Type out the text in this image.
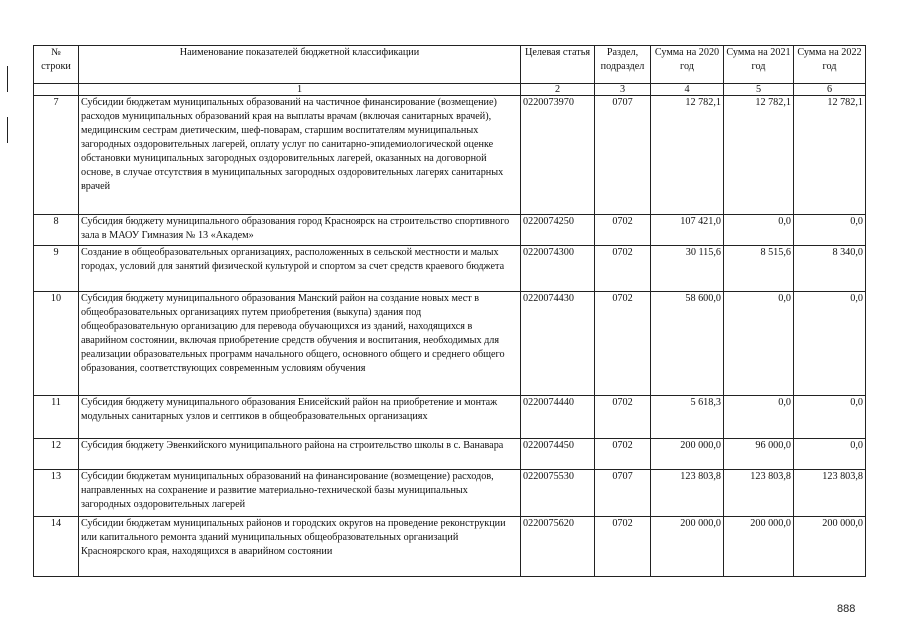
№ строки	Наименование показателей бюджетной классификации	Целевая статья	Раздел, подраздел	Сумма на 2020 год	Сумма на 2021 год	Сумма на 2022 год
	1	2	3	4	5	6
7	Субсидии бюджетам муниципальных образований на частичное финансирование (возмещение) расходов муниципальных образований края на выплаты врачам (включая санитарных врачей), медицинским сестрам диетическим, шеф-поварам, старшим воспитателям муниципальных загородных оздоровительных лагерей, оплату услуг по санитарно-эпидемиологической оценке обстановки муниципальных загородных оздоровительных лагерей, оказанных на договорной основе, в случае отсутствия в муниципальных загородных оздоровительных лагерях санитарных врачей	0220073970	0707	12 782,1	12 782,1	12 782,1
8	Субсидия бюджету муниципального образования город Красноярск на строительство спортивного зала в МАОУ Гимназия № 13 «Академ»	0220074250	0702	107 421,0	0,0	0,0
9	Создание в общеобразовательных организациях, расположенных в сельской местности и малых городах, условий для занятий физической культурой и спортом за счет средств краевого бюджета	0220074300	0702	30 115,6	8 515,6	8 340,0
10	Субсидия бюджету муниципального образования Манский район на создание новых мест в общеобразовательных организациях путем приобретения (выкупа) здания под общеобразовательную организацию для перевода обучающихся из зданий, находящихся в аварийном состоянии, включая приобретение средств обучения и воспитания, необходимых для реализации образовательных программ начального общего, основного общего и среднего общего образования, соответствующих современным условиям обучения	0220074430	0702	58 600,0	0,0	0,0
11	Субсидия бюджету муниципального образования Енисейский район на приобретение и монтаж модульных санитарных узлов и септиков в общеобразовательных организациях	0220074440	0702	5 618,3	0,0	0,0
12	Субсидия бюджету Эвенкийского муниципального района на строительство школы в с. Ванавара	0220074450	0702	200 000,0	96 000,0	0,0
13	Субсидии бюджетам муниципальных образований на финансирование (возмещение) расходов, направленных на сохранение и развитие материально-технической базы муниципальных загородных оздоровительных лагерей	0220075530	0707	123 803,8	123 803,8	123 803,8
14	Субсидии бюджетам муниципальных районов и городских округов на проведение реконструкции или капитального ремонта зданий муниципальных общеобразовательных организаций Красноярского края, находящихся в аварийном состоянии	0220075620	0702	200 000,0	200 000,0	200 000,0
888
